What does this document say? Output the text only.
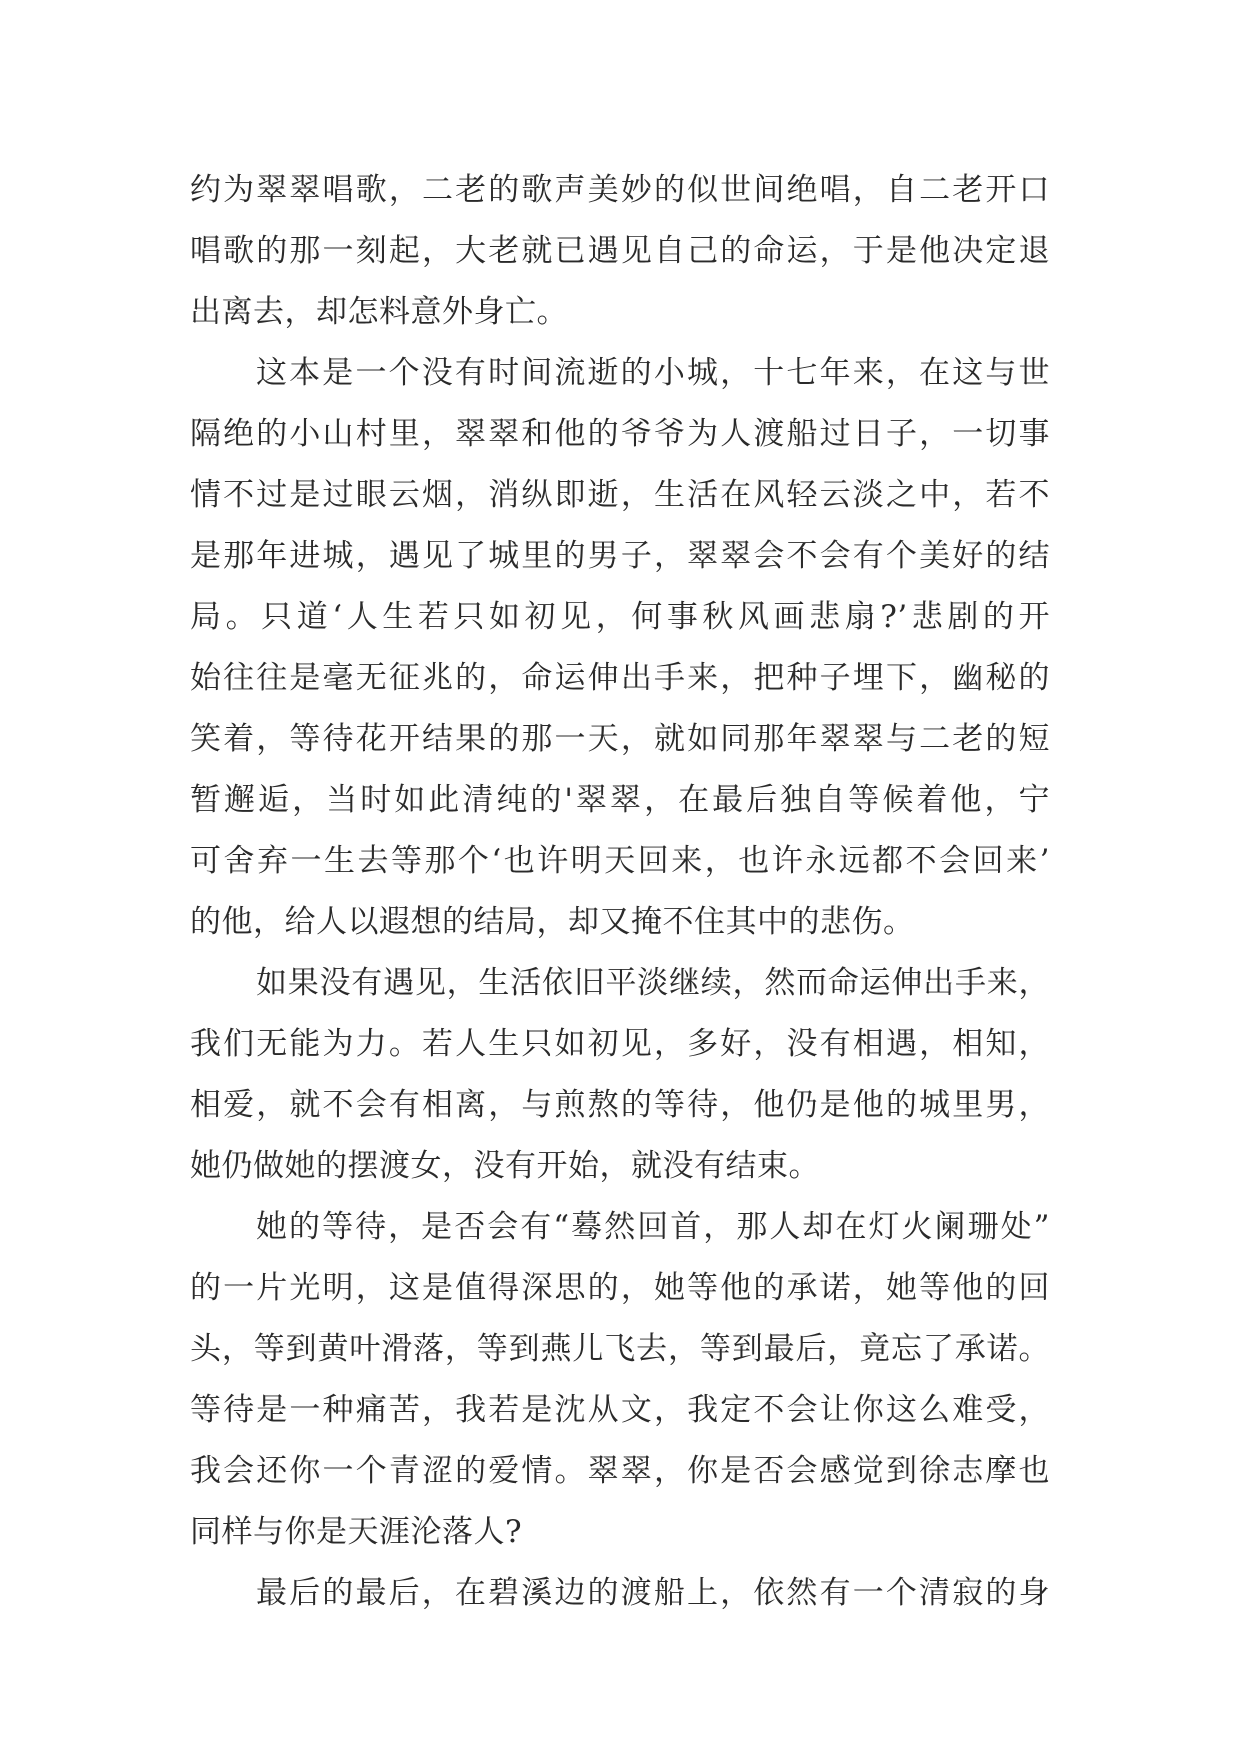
约为翠翠唱歌，二老的歌声美妙的似世间绝唱，自二老开口
唱歌的那一刻起，大老就已遇见自己的命运，于是他决定退
出离去，却怎料意外身亡。
这本是一个没有时间流逝的小城，十七年来，在这与世
隔绝的小山村里，翠翠和他的爷爷为人渡船过日子，一切事
情不过是过眼云烟，消纵即逝，生活在风轻云淡之中，若不
是那年进城，遇见了城里的男子，翠翠会不会有个美好的结
局。只道‘人生若只如初见，何事秋风画悲扇?’悲剧的开
始往往是毫无征兆的，命运伸出手来，把种子埋下，幽秘的
笑着，等待花开结果的那一天，就如同那年翠翠与二老的短
暂邂逅，当时如此清纯的'翠翠，在最后独自等候着他，宁
可舍弃一生去等那个‘也许明天回来，也许永远都不会回来’
的他，给人以遐想的结局，却又掩不住其中的悲伤。
如果没有遇见，生活依旧平淡继续，然而命运伸出手来，
我们无能为力。若人生只如初见，多好，没有相遇，相知，
相爱，就不会有相离，与煎熬的等待，他仍是他的城里男，
她仍做她的摆渡女，没有开始，就没有结束。
她的等待，是否会有“蓦然回首，那人却在灯火阑珊处”
的一片光明，这是值得深思的，她等他的承诺，她等他的回
头，等到黄叶滑落，等到燕儿飞去，等到最后，竟忘了承诺。
等待是一种痛苦，我若是沈从文，我定不会让你这么难受，
我会还你一个青涩的爱情。翠翠，你是否会感觉到徐志摩也
同样与你是天涯沦落人?
最后的最后，在碧溪边的渡船上，依然有一个清寂的身
